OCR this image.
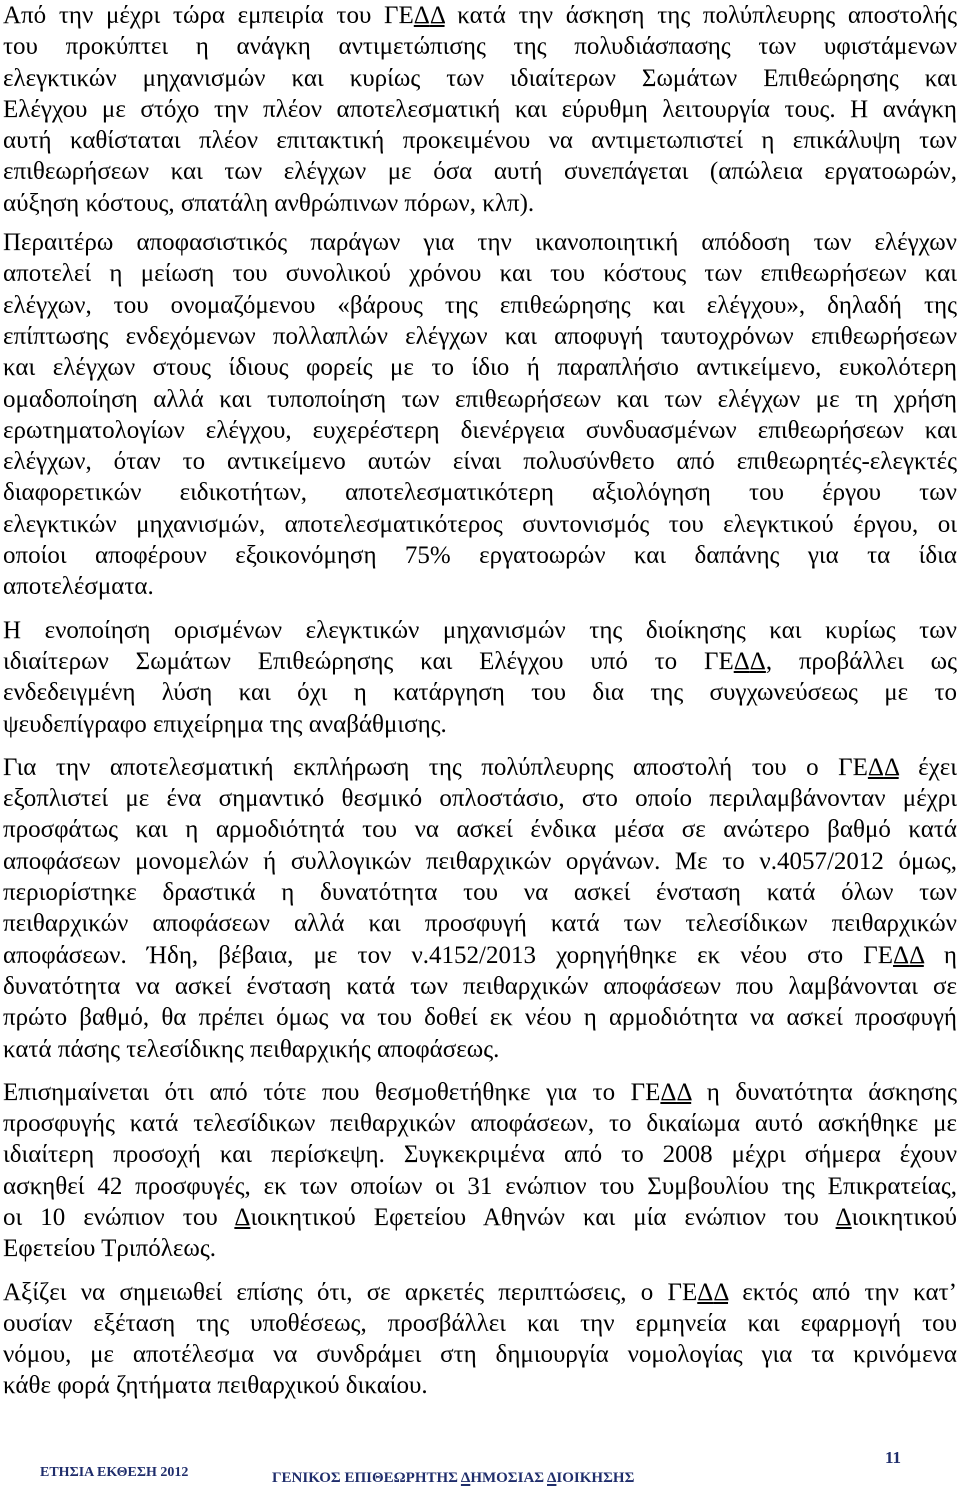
Από την μέχρι τώρα εμπειρία του ΓΕΔΔ κατά την άσκηση της πολύπλευρης αποστολής
του προκύπτει η ανάγκη αντιμετώπισης της πολυδιάσπασης των υφιστάμενων
ελεγκτικών μηχανισμών και κυρίως των ιδιαίτερων Σωμάτων Επιθεώρησης και
Ελέγχου με στόχο την πλέον αποτελεσματική και εύρυθμη λειτουργία τους. Η ανάγκη
αυτή καθίσταται πλέον επιτακτική προκειμένου να αντιμετωπιστεί η επικάλυψη των
επιθεωρήσεων και των ελέγχων με όσα αυτή συνεπάγεται (απώλεια εργατοωρών,
αύξηση κόστους, σπατάλη ανθρώπινων πόρων, κλπ).
Περαιτέρω αποφασιστικός παράγων για την ικανοποιητική απόδοση των ελέγχων
αποτελεί η μείωση του συνολικού χρόνου και του κόστους των επιθεωρήσεων και
ελέγχων, του ονομαζόμενου «βάρους της επιθεώρησης και ελέγχου», δηλαδή της
επίπτωσης ενδεχόμενων πολλαπλών ελέγχων και αποφυγή ταυτοχρόνων επιθεωρήσεων
και ελέγχων στους ίδιους φορείς με το ίδιο ή παραπλήσιο αντικείμενο, ευκολότερη
ομαδοποίηση αλλά και τυποποίηση των επιθεωρήσεων και των ελέγχων με τη χρήση
ερωτηματολογίων ελέγχου, ευχερέστερη διενέργεια συνδυασμένων επιθεωρήσεων και
ελέγχων, όταν το αντικείμενο αυτών είναι πολυσύνθετο από επιθεωρητές-ελεγκτές
διαφορετικών ειδικοτήτων, αποτελεσματικότερη αξιολόγηση του έργου των
ελεγκτικών μηχανισμών, αποτελεσματικότερος συντονισμός του ελεγκτικού έργου, οι
οποίοι αποφέρουν εξοικονόμηση 75% εργατοωρών και δαπάνης για τα ίδια
αποτελέσματα.
Η ενοποίηση ορισμένων ελεγκτικών μηχανισμών της διοίκησης και κυρίως των
ιδιαίτερων Σωμάτων Επιθεώρησης και Ελέγχου υπό το ΓΕΔΔ, προβάλλει ως
ενδεδειγμένη λύση και όχι η κατάργηση του δια της συγχωνεύσεως με το
ψευδεπίγραφο επιχείρημα της αναβάθμισης.
Για την αποτελεσματική εκπλήρωση της πολύπλευρης αποστολή του ο ΓΕΔΔ έχει
εξοπλιστεί με ένα σημαντικό θεσμικό οπλοστάσιο, στο οποίο περιλαμβάνονταν μέχρι
προσφάτως και η αρμοδιότητά του να ασκεί ένδικα μέσα σε ανώτερο βαθμό κατά
αποφάσεων μονομελών ή συλλογικών πειθαρχικών οργάνων. Με το ν.4057/2012 όμως,
περιορίστηκε δραστικά η δυνατότητα του να ασκεί ένσταση κατά όλων των
πειθαρχικών αποφάσεων αλλά και προσφυγή κατά των τελεσίδικων πειθαρχικών
αποφάσεων. Ήδη, βέβαια, με τον ν.4152/2013 χορηγήθηκε εκ νέου στο ΓΕΔΔ η
δυνατότητα να ασκεί ένσταση κατά των πειθαρχικών αποφάσεων που λαμβάνονται σε
πρώτο βαθμό, θα πρέπει όμως να του δοθεί εκ νέου η αρμοδιότητα να ασκεί προσφυγή
κατά πάσης τελεσίδικης πειθαρχικής αποφάσεως.
Επισημαίνεται ότι από τότε που θεσμοθετήθηκε για το ΓΕΔΔ η δυνατότητα άσκησης
προσφυγής κατά τελεσίδικων πειθαρχικών αποφάσεων, το δικαίωμα αυτό ασκήθηκε με
ιδιαίτερη προσοχή και περίσκεψη. Συγκεκριμένα από το 2008 μέχρι σήμερα έχουν
ασκηθεί 42 προσφυγές, εκ των οποίων οι 31 ενώπιον του Συμβουλίου της Επικρατείας,
οι 10 ενώπιον του Διοικητικού Εφετείου Αθηνών και μία ενώπιον του Διοικητικού
Εφετείου Τριπόλεως.
Αξίζει να σημειωθεί επίσης ότι, σε αρκετές περιπτώσεις, ο ΓΕΔΔ εκτός από την κατ’
ουσίαν εξέταση της υποθέσεως, προσβάλλει και την ερμηνεία και εφαρμογή του
νόμου, με αποτέλεσμα να συνδράμει στη δημιουργία νομολογίας για τα κρινόμενα
κάθε φορά ζητήματα πειθαρχικού δικαίου.
ΕΤΗΣΙΑ ΕΚΘΕΣΗ 2012	ΓΕΝΙΚΟΣ ΕΠΙΘΕΩΡΗΤΗΣ ΔΗΜΟΣΙΑΣ ΔΙΟΙΚΗΣΗΣ
11
